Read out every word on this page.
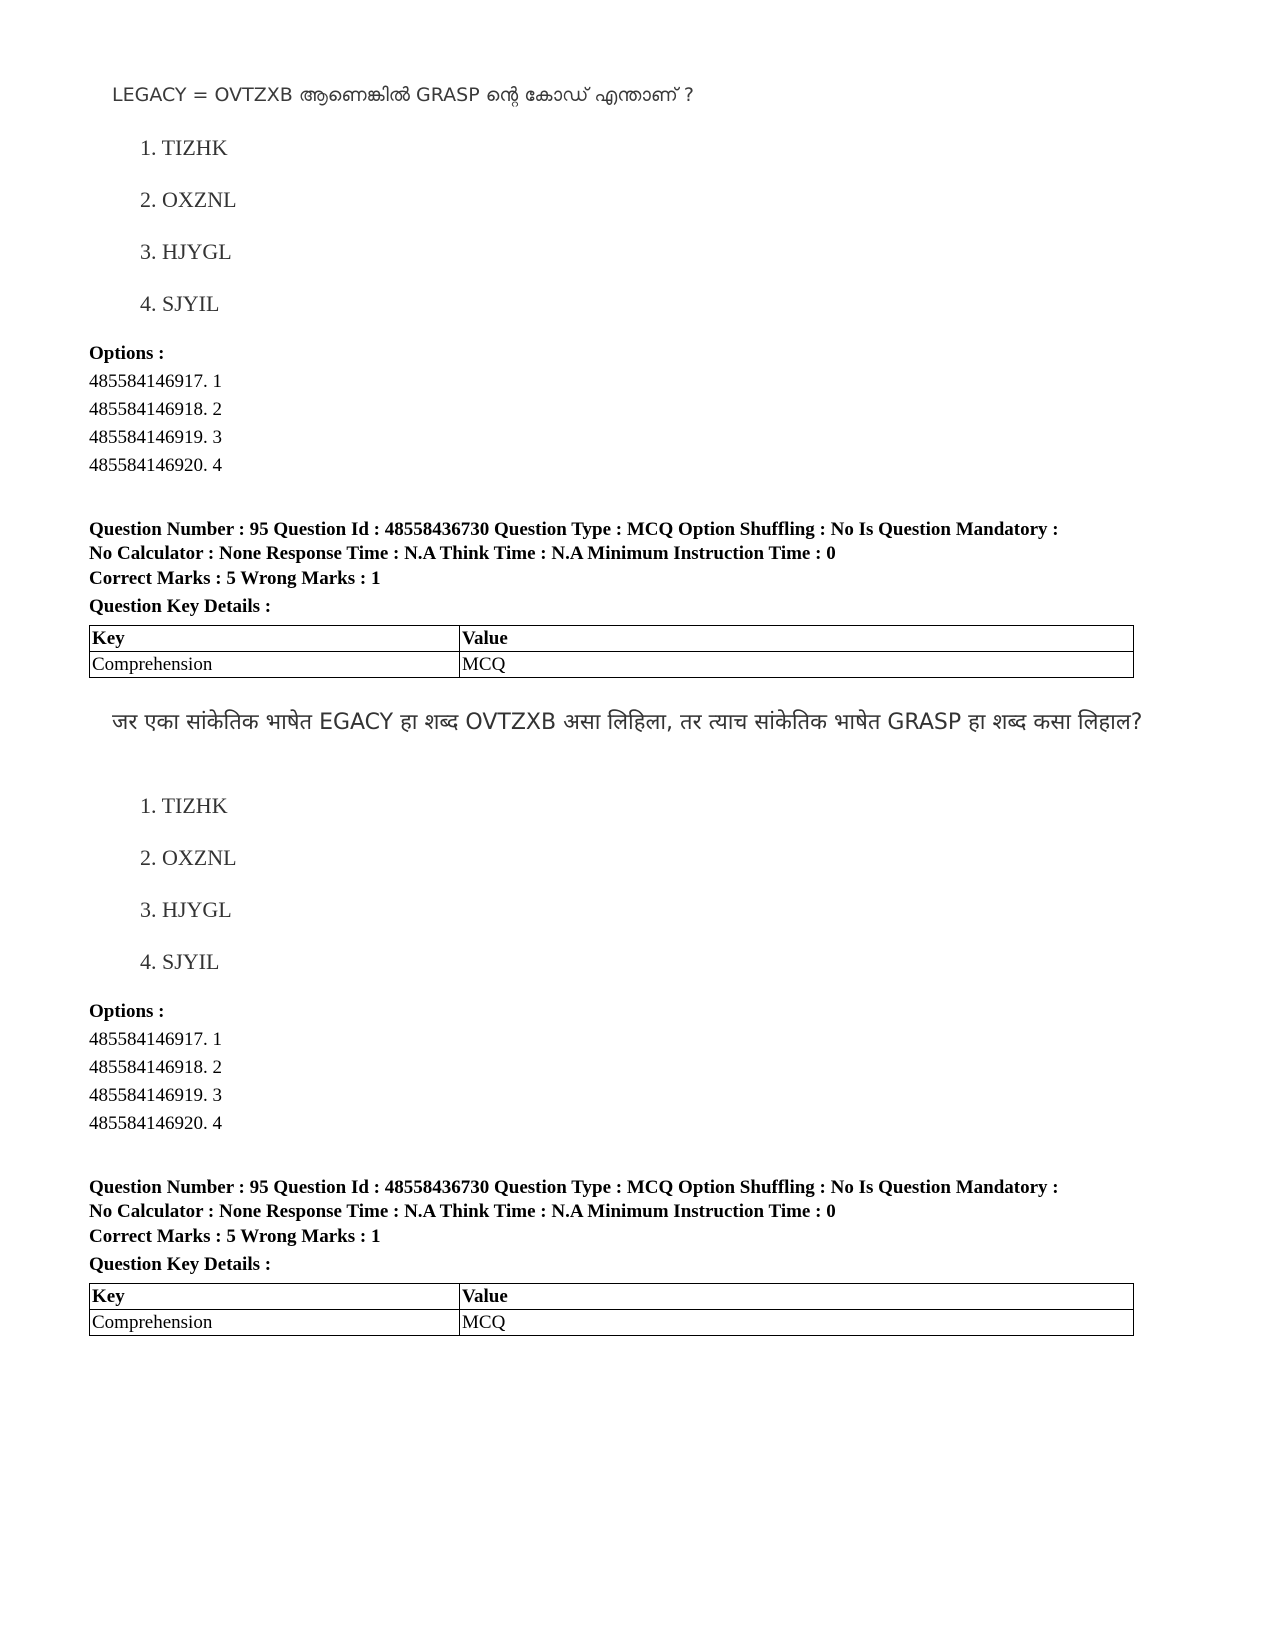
LEGACY = OVTZXB ആണെങ്കിൽ GRASP ന്റെ കോഡ് എന്താണ് ?
1. TIZHK
2. OXZNL
3. HJYGL
4. SJYIL
Options :
485584146917. 1
485584146918. 2
485584146919. 3
485584146920. 4
Question Number : 95 Question Id : 48558436730 Question Type : MCQ Option Shuffling : No Is Question Mandatory :
No Calculator : None Response Time : N.A Think Time : N.A Minimum Instruction Time : 0
Correct Marks : 5 Wrong Marks : 1
Question Key Details :
Key	Value
Comprehension	MCQ
जर एका सांकेतिक भाषेत EGACY हा शब्द OVTZXB असा लिहिला, तर त्याच सांकेतिक भाषेत GRASP हा शब्द कसा लिहाल?
1. TIZHK
2. OXZNL
3. HJYGL
4. SJYIL
Options :
485584146917. 1
485584146918. 2
485584146919. 3
485584146920. 4
Question Number : 95 Question Id : 48558436730 Question Type : MCQ Option Shuffling : No Is Question Mandatory :
No Calculator : None Response Time : N.A Think Time : N.A Minimum Instruction Time : 0
Correct Marks : 5 Wrong Marks : 1
Question Key Details :
Key	Value
Comprehension	MCQ
